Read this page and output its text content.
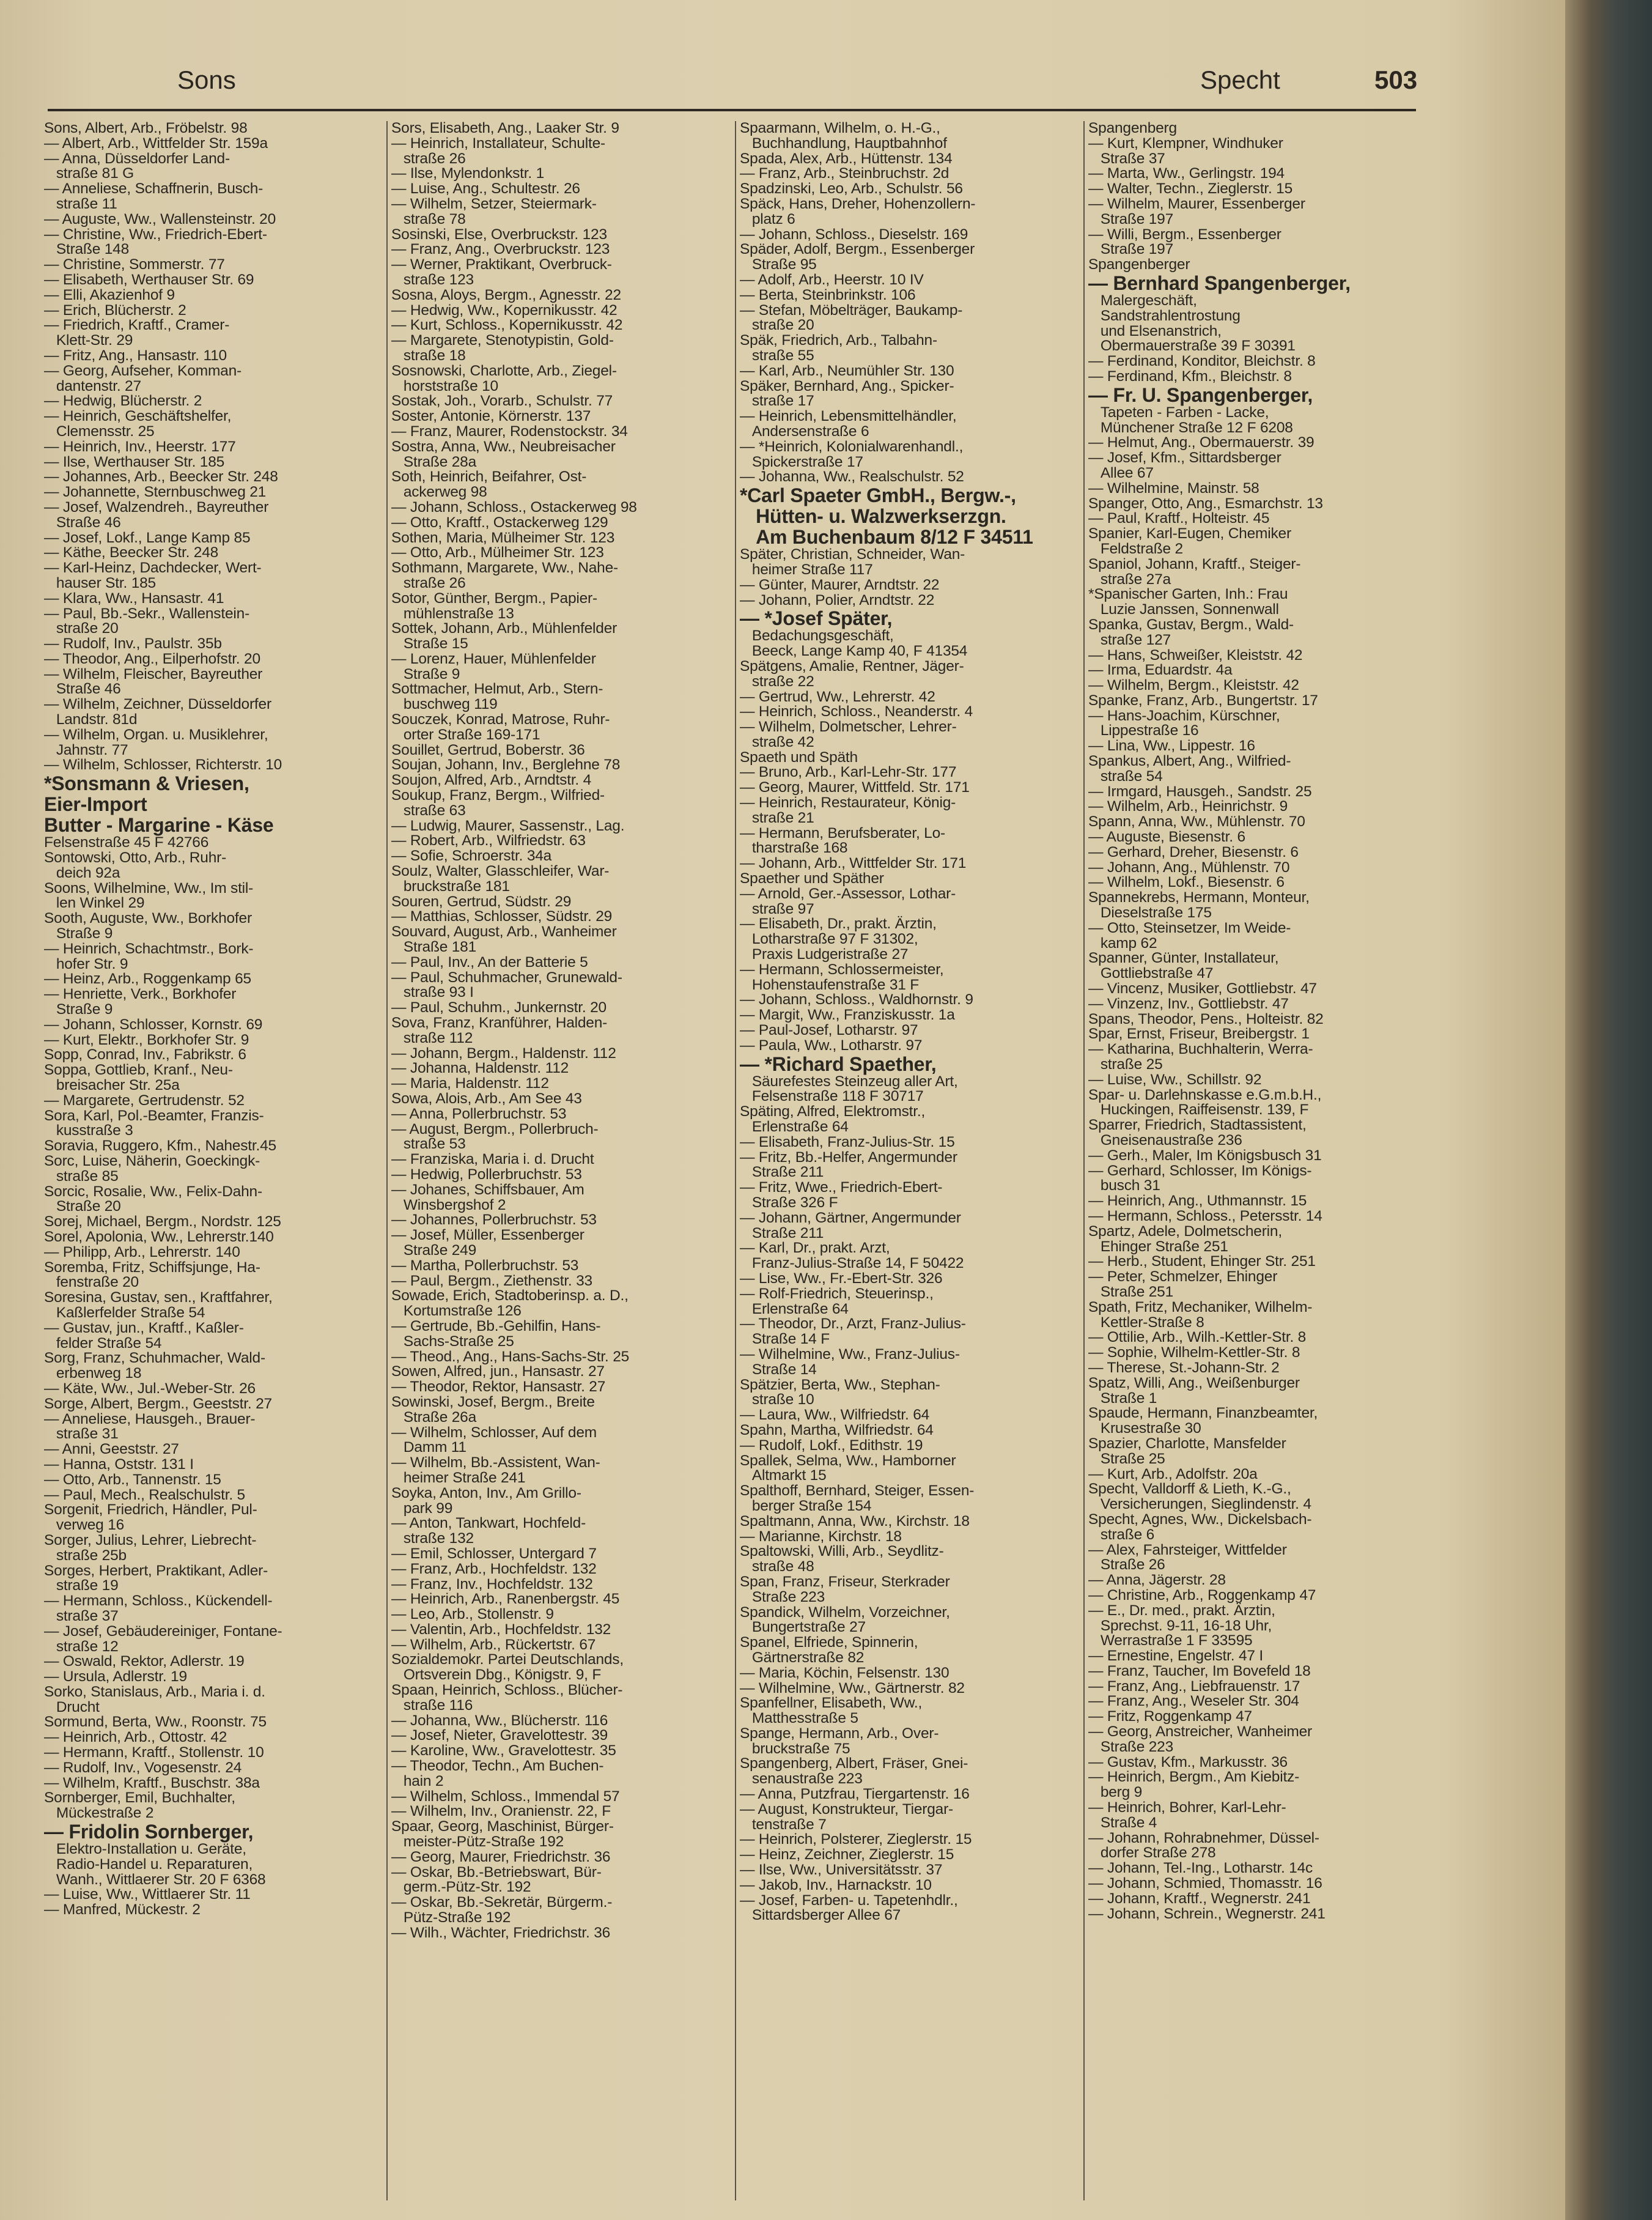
Sons	Specht	503
Sons, Albert, Arb., Fröbelstr. 98
— Albert, Arb., Wittfelder Str. 159a
— Anna, Düsseldorfer Land-
straße 81 G
— Anneliese, Schaffnerin, Busch-
straße 11
— Auguste, Ww., Wallensteinstr. 20
— Christine, Ww., Friedrich-Ebert-
Straße 148
— Christine, Sommerstr. 77
— Elisabeth, Werthauser Str. 69
— Elli, Akazienhof 9
— Erich, Blücherstr. 2
— Friedrich, Kraftf., Cramer-
Klett-Str. 29
— Fritz, Ang., Hansastr. 110
— Georg, Aufseher, Komman-
dantenstr. 27
— Hedwig, Blücherstr. 2
— Heinrich, Geschäftshelfer,
Clemensstr. 25
— Heinrich, Inv., Heerstr. 177
— Ilse, Werthauser Str. 185
— Johannes, Arb., Beecker Str. 248
— Johannette, Sternbuschweg 21
— Josef, Walzendreh., Bayreuther
Straße 46
— Josef, Lokf., Lange Kamp 85
— Käthe, Beecker Str. 248
— Karl-Heinz, Dachdecker, Wert-
hauser Str. 185
— Klara, Ww., Hansastr. 41
— Paul, Bb.-Sekr., Wallenstein-
straße 20
— Rudolf, Inv., Paulstr. 35b
— Theodor, Ang., Eilperhofstr. 20
— Wilhelm, Fleischer, Bayreuther
Straße 46
— Wilhelm, Zeichner, Düsseldorfer
Landstr. 81d
— Wilhelm, Organ. u. Musiklehrer,
Jahnstr. 77
— Wilhelm, Schlosser, Richterstr. 10
*Sonsmann & Vriesen,
Eier-Import
Butter - Margarine - Käse
Felsenstraße 45 F 42766
Sontowski, Otto, Arb., Ruhr-
deich 92a
Soons, Wilhelmine, Ww., Im stil-
len Winkel 29
Sooth, Auguste, Ww., Borkhofer
Straße 9
— Heinrich, Schachtmstr., Bork-
hofer Str. 9
— Heinz, Arb., Roggenkamp 65
— Henriette, Verk., Borkhofer
Straße 9
— Johann, Schlosser, Kornstr. 69
— Kurt, Elektr., Borkhofer Str. 9
Sopp, Conrad, Inv., Fabrikstr. 6
Soppa, Gottlieb, Kranf., Neu-
breisacher Str. 25a
— Margarete, Gertrudenstr. 52
Sora, Karl, Pol.-Beamter, Franzis-
kusstraße 3
Soravia, Ruggero, Kfm., Nahestr.45
Sorc, Luise, Näherin, Goeckingk-
straße 85
Sorcic, Rosalie, Ww., Felix-Dahn-
Straße 20
Sorej, Michael, Bergm., Nordstr. 125
Sorel, Apolonia, Ww., Lehrerstr.140
— Philipp, Arb., Lehrerstr. 140
Soremba, Fritz, Schiffsjunge, Ha-
fenstraße 20
Soresina, Gustav, sen., Kraftfahrer,
Kaßlerfelder Straße 54
— Gustav, jun., Kraftf., Kaßler-
felder Straße 54
Sorg, Franz, Schuhmacher, Wald-
erbenweg 18
— Käte, Ww., Jul.-Weber-Str. 26
Sorge, Albert, Bergm., Geeststr. 27
— Anneliese, Hausgeh., Brauer-
straße 31
— Anni, Geeststr. 27
— Hanna, Oststr. 131 I
— Otto, Arb., Tannenstr. 15
— Paul, Mech., Realschulstr. 5
Sorgenit, Friedrich, Händler, Pul-
verweg 16
Sorger, Julius, Lehrer, Liebrecht-
straße 25b
Sorges, Herbert, Praktikant, Adler-
straße 19
— Hermann, Schloss., Kückendell-
straße 37
— Josef, Gebäudereiniger, Fontane-
straße 12
— Oswald, Rektor, Adlerstr. 19
— Ursula, Adlerstr. 19
Sorko, Stanislaus, Arb., Maria i. d.
Drucht
Sormund, Berta, Ww., Roonstr. 75
— Heinrich, Arb., Ottostr. 42
— Hermann, Kraftf., Stollenstr. 10
— Rudolf, Inv., Vogesenstr. 24
— Wilhelm, Kraftf., Buschstr. 38a
Sornberger, Emil, Buchhalter,
Mückestraße 2
— Fridolin Sornberger,
Elektro-Installation u. Geräte,
Radio-Handel u. Reparaturen,
Wanh., Wittlaerer Str. 20 F 6368
— Luise, Ww., Wittlaerer Str. 11
— Manfred, Mückestr. 2
Sors, Elisabeth, Ang., Laaker Str. 9
— Heinrich, Installateur, Schulte-
straße 26
— Ilse, Mylendonkstr. 1
— Luise, Ang., Schultestr. 26
— Wilhelm, Setzer, Steiermark-
straße 78
Sosinski, Else, Overbruckstr. 123
— Franz, Ang., Overbruckstr. 123
— Werner, Praktikant, Overbruck-
straße 123
Sosna, Aloys, Bergm., Agnesstr. 22
— Hedwig, Ww., Kopernikusstr. 42
— Kurt, Schloss., Kopernikusstr. 42
— Margarete, Stenotypistin, Gold-
straße 18
Sosnowski, Charlotte, Arb., Ziegel-
horststraße 10
Sostak, Joh., Vorarb., Schulstr. 77
Soster, Antonie, Körnerstr. 137
— Franz, Maurer, Rodenstockstr. 34
Sostra, Anna, Ww., Neubreisacher
Straße 28a
Soth, Heinrich, Beifahrer, Ost-
ackerweg 98
— Johann, Schloss., Ostackerweg 98
— Otto, Kraftf., Ostackerweg 129
Sothen, Maria, Mülheimer Str. 123
— Otto, Arb., Mülheimer Str. 123
Sothmann, Margarete, Ww., Nahe-
straße 26
Sotor, Günther, Bergm., Papier-
mühlenstraße 13
Sottek, Johann, Arb., Mühlenfelder
Straße 15
— Lorenz, Hauer, Mühlenfelder
Straße 9
Sottmacher, Helmut, Arb., Stern-
buschweg 119
Souczek, Konrad, Matrose, Ruhr-
orter Straße 169-171
Souillet, Gertrud, Boberstr. 36
Soujan, Johann, Inv., Berglehne 78
Soujon, Alfred, Arb., Arndtstr. 4
Soukup, Franz, Bergm., Wilfried-
straße 63
— Ludwig, Maurer, Sassenstr., Lag.
— Robert, Arb., Wilfriedstr. 63
— Sofie, Schroerstr. 34a
Soulz, Walter, Glasschleifer, War-
bruckstraße 181
Souren, Gertrud, Südstr. 29
— Matthias, Schlosser, Südstr. 29
Souvard, August, Arb., Wanheimer
Straße 181
— Paul, Inv., An der Batterie 5
— Paul, Schuhmacher, Grunewald-
straße 93 I
— Paul, Schuhm., Junkernstr. 20
Sova, Franz, Kranführer, Halden-
straße 112
— Johann, Bergm., Haldenstr. 112
— Johanna, Haldenstr. 112
— Maria, Haldenstr. 112
Sowa, Alois, Arb., Am See 43
— Anna, Pollerbruchstr. 53
— August, Bergm., Pollerbruch-
straße 53
— Franziska, Maria i. d. Drucht
— Hedwig, Pollerbruchstr. 53
— Johanes, Schiffsbauer, Am
Winsbergshof 2
— Johannes, Pollerbruchstr. 53
— Josef, Müller, Essenberger
Straße 249
— Martha, Pollerbruchstr. 53
— Paul, Bergm., Ziethenstr. 33
Sowade, Erich, Stadtoberinsp. a. D.,
Kortumstraße 126
— Gertrude, Bb.-Gehilfin, Hans-
Sachs-Straße 25
— Theod., Ang., Hans-Sachs-Str. 25
Sowen, Alfred, jun., Hansastr. 27
— Theodor, Rektor, Hansastr. 27
Sowinski, Josef, Bergm., Breite
Straße 26a
— Wilhelm, Schlosser, Auf dem
Damm 11
— Wilhelm, Bb.-Assistent, Wan-
heimer Straße 241
Soyka, Anton, Inv., Am Grillo-
park 99
— Anton, Tankwart, Hochfeld-
straße 132
— Emil, Schlosser, Untergard 7
— Franz, Arb., Hochfeldstr. 132
— Franz, Inv., Hochfeldstr. 132
— Heinrich, Arb., Ranenbergstr. 45
— Leo, Arb., Stollenstr. 9
— Valentin, Arb., Hochfeldstr. 132
— Wilhelm, Arb., Rückertstr. 67
Sozialdemokr. Partei Deutschlands,
Ortsverein Dbg., Königstr. 9, F
Spaan, Heinrich, Schloss., Blücher-
straße 116
— Johanna, Ww., Blücherstr. 116
— Josef, Nieter, Gravelottestr. 39
— Karoline, Ww., Gravelottestr. 35
— Theodor, Techn., Am Buchen-
hain 2
— Wilhelm, Schloss., Immendal 57
— Wilhelm, Inv., Oranienstr. 22, F
Spaar, Georg, Maschinist, Bürger-
meister-Pütz-Straße 192
— Georg, Maurer, Friedrichstr. 36
— Oskar, Bb.-Betriebswart, Bür-
germ.-Pütz-Str. 192
— Oskar, Bb.-Sekretär, Bürgerm.-
Pütz-Straße 192
— Wilh., Wächter, Friedrichstr. 36
Spaarmann, Wilhelm, o. H.-G.,
Buchhandlung, Hauptbahnhof
Spada, Alex, Arb., Hüttenstr. 134
— Franz, Arb., Steinbruchstr. 2d
Spadzinski, Leo, Arb., Schulstr. 56
Späck, Hans, Dreher, Hohenzollern-
platz 6
— Johann, Schloss., Dieselstr. 169
Späder, Adolf, Bergm., Essenberger
Straße 95
— Adolf, Arb., Heerstr. 10 IV
— Berta, Steinbrinkstr. 106
— Stefan, Möbelträger, Baukamp-
straße 20
Späk, Friedrich, Arb., Talbahn-
straße 55
— Karl, Arb., Neumühler Str. 130
Späker, Bernhard, Ang., Spicker-
straße 17
— Heinrich, Lebensmittelhändler,
Andersenstraße 6
— *Heinrich, Kolonialwarenhandl.,
Spickerstraße 17
— Johanna, Ww., Realschulstr. 52
*Carl Spaeter GmbH., Bergw.-,
Hütten- u. Walzwerkserzgn.
Am Buchenbaum 8/12 F 34511
Später, Christian, Schneider, Wan-
heimer Straße 117
— Günter, Maurer, Arndtstr. 22
— Johann, Polier, Arndtstr. 22
— *Josef Später,
Bedachungsgeschäft,
Beeck, Lange Kamp 40, F 41354
Spätgens, Amalie, Rentner, Jäger-
straße 22
— Gertrud, Ww., Lehrerstr. 42
— Heinrich, Schloss., Neanderstr. 4
— Wilhelm, Dolmetscher, Lehrer-
straße 42
Spaeth und Späth
— Bruno, Arb., Karl-Lehr-Str. 177
— Georg, Maurer, Wittfeld. Str. 171
— Heinrich, Restaurateur, König-
straße 21
— Hermann, Berufsberater, Lo-
tharstraße 168
— Johann, Arb., Wittfelder Str. 171
Spaether und Späther
— Arnold, Ger.-Assessor, Lothar-
straße 97
— Elisabeth, Dr., prakt. Ärztin,
Lotharstraße 97 F 31302,
Praxis Ludgeristraße 27
— Hermann, Schlossermeister,
Hohenstaufenstraße 31 F
— Johann, Schloss., Waldhornstr. 9
— Margit, Ww., Franziskusstr. 1a
— Paul-Josef, Lotharstr. 97
— Paula, Ww., Lotharstr. 97
— *Richard Spaether,
Säurefestes Steinzeug aller Art,
Felsenstraße 118 F 30717
Späting, Alfred, Elektromstr.,
Erlenstraße 64
— Elisabeth, Franz-Julius-Str. 15
— Fritz, Bb.-Helfer, Angermunder
Straße 211
— Fritz, Wwe., Friedrich-Ebert-
Straße 326 F
— Johann, Gärtner, Angermunder
Straße 211
— Karl, Dr., prakt. Arzt,
Franz-Julius-Straße 14, F 50422
— Lise, Ww., Fr.-Ebert-Str. 326
— Rolf-Friedrich, Steuerinsp.,
Erlenstraße 64
— Theodor, Dr., Arzt, Franz-Julius-
Straße 14 F
— Wilhelmine, Ww., Franz-Julius-
Straße 14
Spätzier, Berta, Ww., Stephan-
straße 10
— Laura, Ww., Wilfriedstr. 64
Spahn, Martha, Wilfriedstr. 64
— Rudolf, Lokf., Edithstr. 19
Spallek, Selma, Ww., Hamborner
Altmarkt 15
Spalthoff, Bernhard, Steiger, Essen-
berger Straße 154
Spaltmann, Anna, Ww., Kirchstr. 18
— Marianne, Kirchstr. 18
Spaltowski, Willi, Arb., Seydlitz-
straße 48
Span, Franz, Friseur, Sterkrader
Straße 223
Spandick, Wilhelm, Vorzeichner,
Bungertstraße 27
Spanel, Elfriede, Spinnerin,
Gärtnerstraße 82
— Maria, Köchin, Felsenstr. 130
— Wilhelmine, Ww., Gärtnerstr. 82
Spanfellner, Elisabeth, Ww.,
Matthesstraße 5
Spange, Hermann, Arb., Over-
bruckstraße 75
Spangenberg, Albert, Fräser, Gnei-
senaustraße 223
— Anna, Putzfrau, Tiergartenstr. 16
— August, Konstrukteur, Tiergar-
tenstraße 7
— Heinrich, Polsterer, Zieglerstr. 15
— Heinz, Zeichner, Zieglerstr. 15
— Ilse, Ww., Universitätsstr. 37
— Jakob, Inv., Harnackstr. 10
— Josef, Farben- u. Tapetenhdlr.,
Sittardsberger Allee 67
Spangenberg
— Kurt, Klempner, Windhuker
Straße 37
— Marta, Ww., Gerlingstr. 194
— Walter, Techn., Zieglerstr. 15
— Wilhelm, Maurer, Essenberger
Straße 197
— Willi, Bergm., Essenberger
Straße 197
Spangenberger
— Bernhard Spangenberger,
Malergeschäft,
Sandstrahlentrostung
und Elsenanstrich,
Obermauerstraße 39 F 30391
— Ferdinand, Konditor, Bleichstr. 8
— Ferdinand, Kfm., Bleichstr. 8
— Fr. U. Spangenberger,
Tapeten - Farben - Lacke,
Münchener Straße 12 F 6208
— Helmut, Ang., Obermauerstr. 39
— Josef, Kfm., Sittardsberger
Allee 67
— Wilhelmine, Mainstr. 58
Spanger, Otto, Ang., Esmarchstr. 13
— Paul, Kraftf., Holteistr. 45
Spanier, Karl-Eugen, Chemiker
Feldstraße 2
Spaniol, Johann, Kraftf., Steiger-
straße 27a
*Spanischer Garten, Inh.: Frau
Luzie Janssen, Sonnenwall
Spanka, Gustav, Bergm., Wald-
straße 127
— Hans, Schweißer, Kleiststr. 42
— Irma, Eduardstr. 4a
— Wilhelm, Bergm., Kleiststr. 42
Spanke, Franz, Arb., Bungertstr. 17
— Hans-Joachim, Kürschner,
Lippestraße 16
— Lina, Ww., Lippestr. 16
Spankus, Albert, Ang., Wilfried-
straße 54
— Irmgard, Hausgeh., Sandstr. 25
— Wilhelm, Arb., Heinrichstr. 9
Spann, Anna, Ww., Mühlenstr. 70
— Auguste, Biesenstr. 6
— Gerhard, Dreher, Biesenstr. 6
— Johann, Ang., Mühlenstr. 70
— Wilhelm, Lokf., Biesenstr. 6
Spannekrebs, Hermann, Monteur,
Dieselstraße 175
— Otto, Steinsetzer, Im Weide-
kamp 62
Spanner, Günter, Installateur,
Gottliebstraße 47
— Vincenz, Musiker, Gottliebstr. 47
— Vinzenz, Inv., Gottliebstr. 47
Spans, Theodor, Pens., Holteistr. 82
Spar, Ernst, Friseur, Breibergstr. 1
— Katharina, Buchhalterin, Werra-
straße 25
— Luise, Ww., Schillstr. 92
Spar- u. Darlehnskasse e.G.m.b.H.,
Huckingen, Raiffeisenstr. 139, F
Sparrer, Friedrich, Stadtassistent,
Gneisenaustraße 236
— Gerh., Maler, Im Königsbusch 31
— Gerhard, Schlosser, Im Königs-
busch 31
— Heinrich, Ang., Uthmannstr. 15
— Hermann, Schloss., Petersstr. 14
Spartz, Adele, Dolmetscherin,
Ehinger Straße 251
— Herb., Student, Ehinger Str. 251
— Peter, Schmelzer, Ehinger
Straße 251
Spath, Fritz, Mechaniker, Wilhelm-
Kettler-Straße 8
— Ottilie, Arb., Wilh.-Kettler-Str. 8
— Sophie, Wilhelm-Kettler-Str. 8
— Therese, St.-Johann-Str. 2
Spatz, Willi, Ang., Weißenburger
Straße 1
Spaude, Hermann, Finanzbeamter,
Krusestraße 30
Spazier, Charlotte, Mansfelder
Straße 25
— Kurt, Arb., Adolfstr. 20a
Specht, Valldorff & Lieth, K.-G.,
Versicherungen, Sieglindenstr. 4
Specht, Agnes, Ww., Dickelsbach-
straße 6
— Alex, Fahrsteiger, Wittfelder
Straße 26
— Anna, Jägerstr. 28
— Christine, Arb., Roggenkamp 47
— E., Dr. med., prakt. Ärztin,
Sprechst. 9-11, 16-18 Uhr,
Werrastraße 1 F 33595
— Ernestine, Engelstr. 47 I
— Franz, Taucher, Im Bovefeld 18
— Franz, Ang., Liebfrauenstr. 17
— Franz, Ang., Weseler Str. 304
— Fritz, Roggenkamp 47
— Georg, Anstreicher, Wanheimer
Straße 223
— Gustav, Kfm., Markusstr. 36
— Heinrich, Bergm., Am Kiebitz-
berg 9
— Heinrich, Bohrer, Karl-Lehr-
Straße 4
— Johann, Rohrabnehmer, Düssel-
dorfer Straße 278
— Johann, Tel.-Ing., Lotharstr. 14c
— Johann, Schmied, Thomasstr. 16
— Johann, Kraftf., Wegnerstr. 241
— Johann, Schrein., Wegnerstr. 241
